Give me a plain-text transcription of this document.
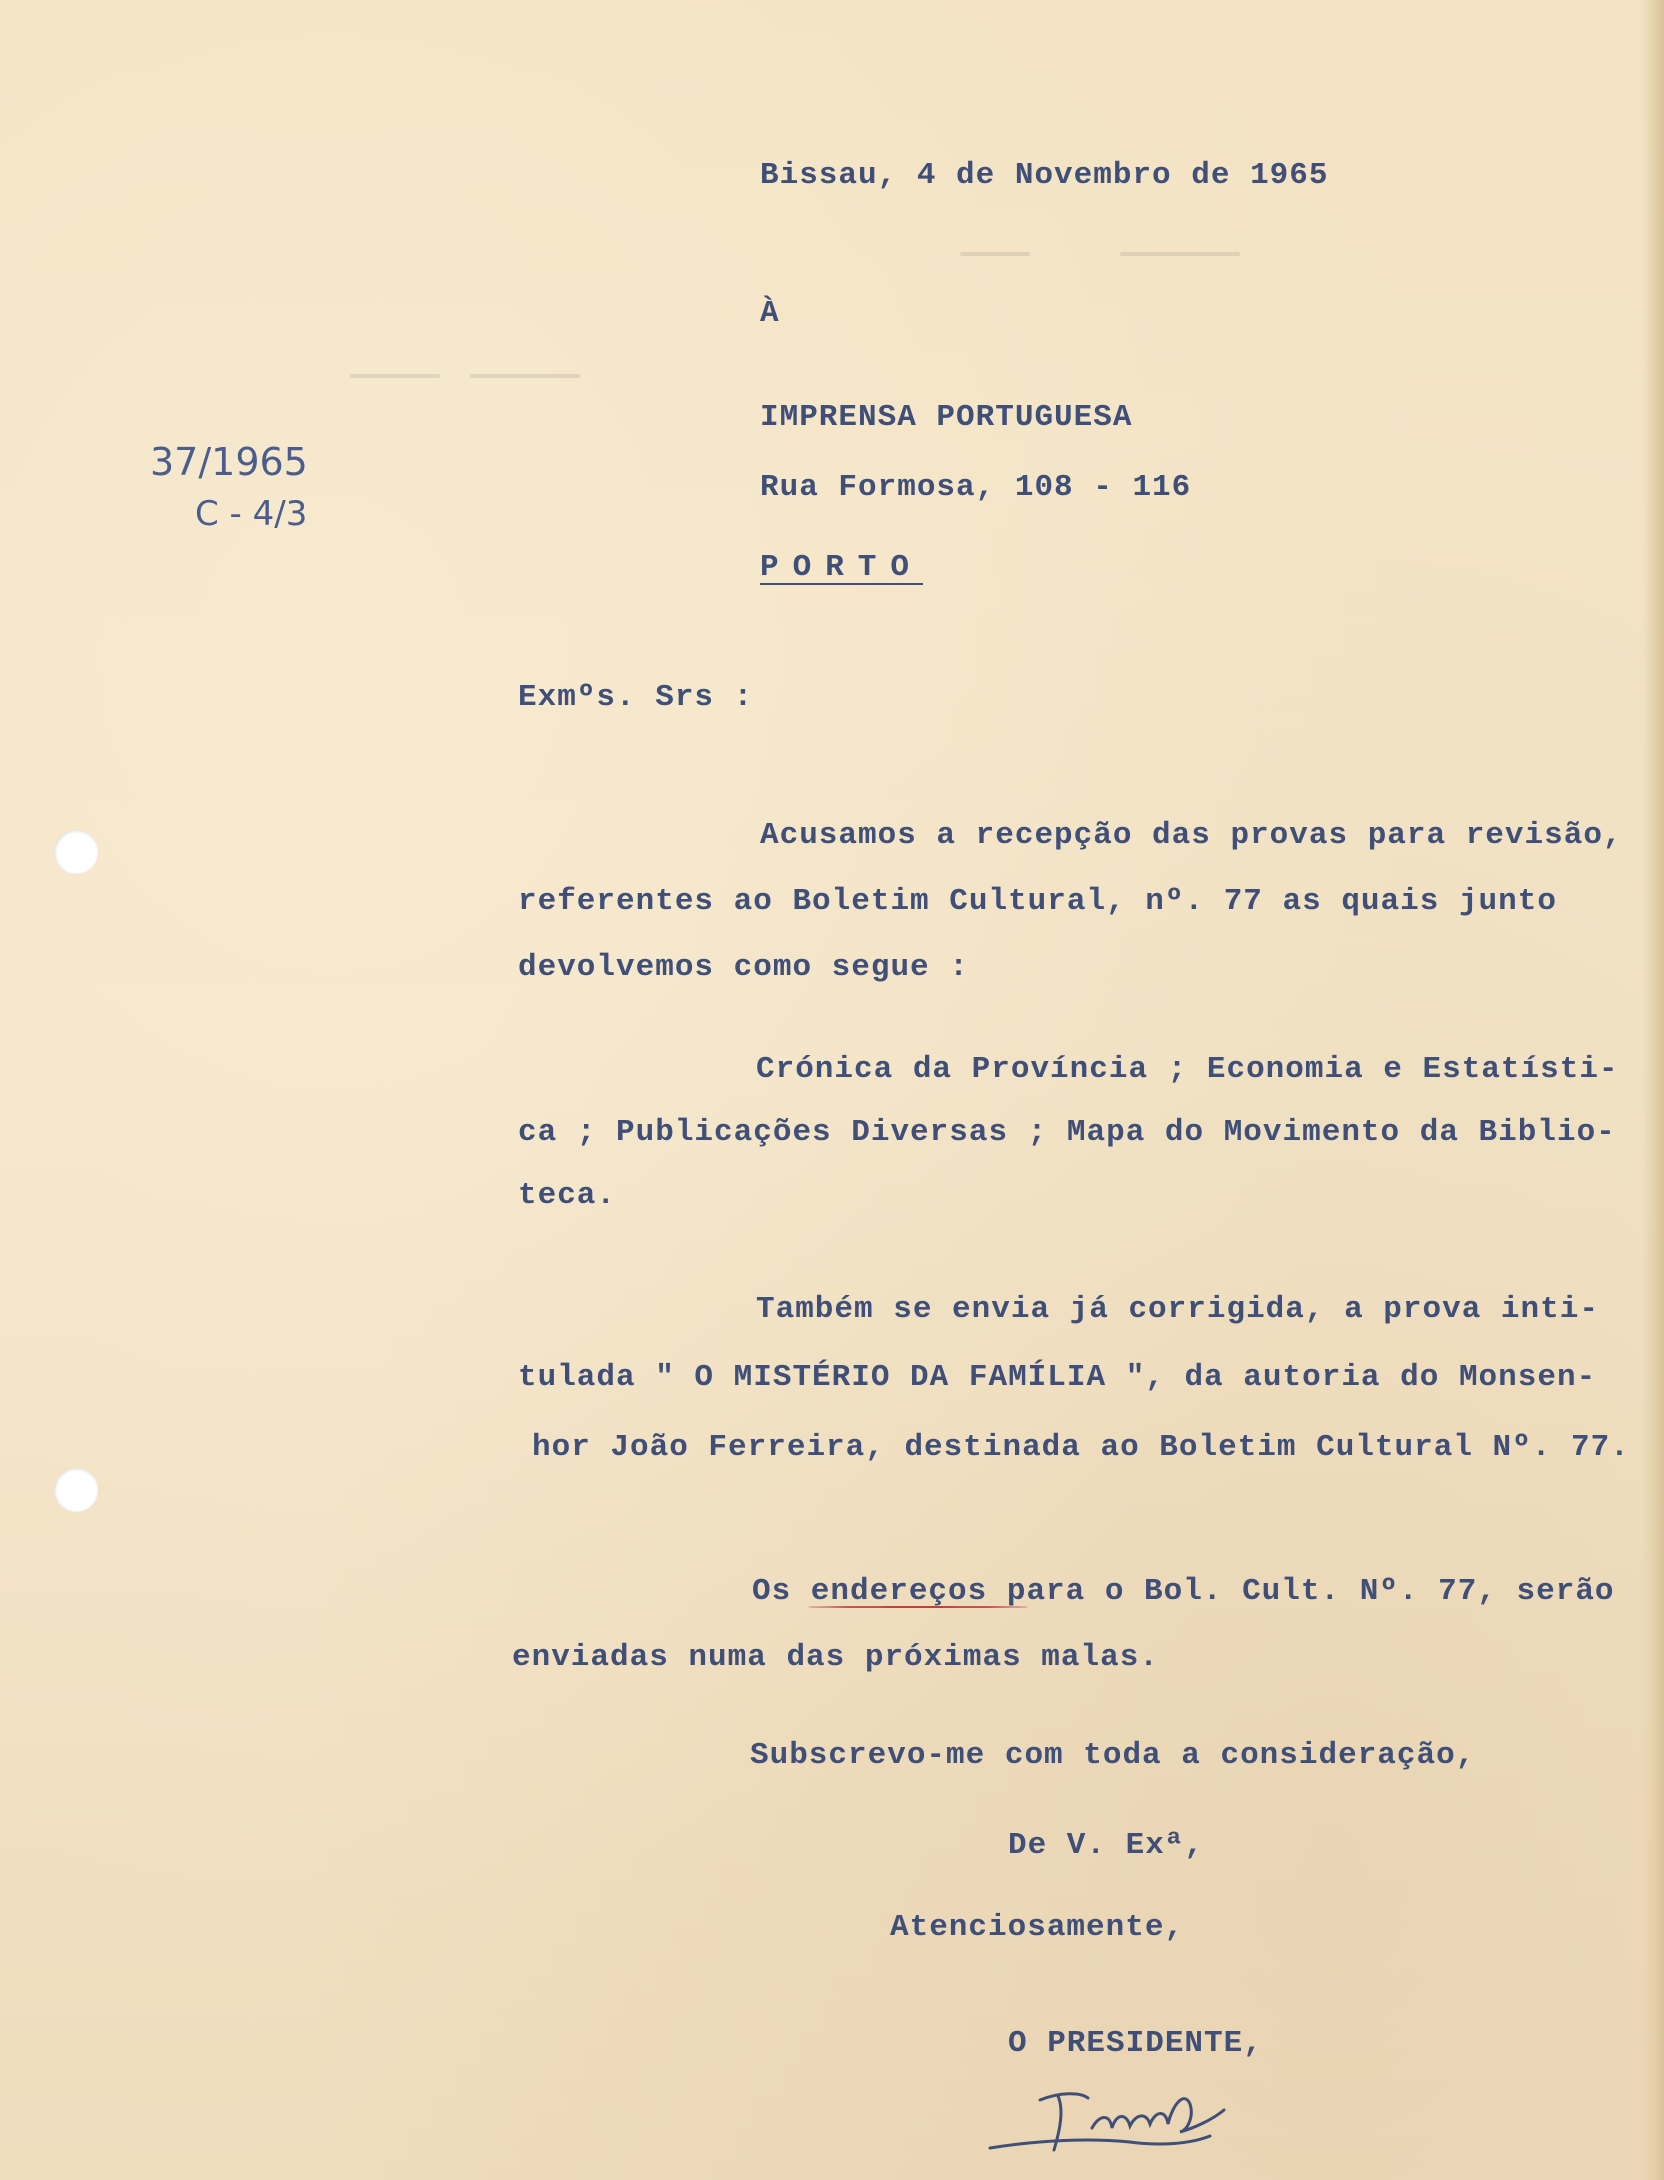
Bissau, 4 de Novembro de 1965
À
IMPRENSA PORTUGUESA
Rua Formosa, 108 - 116
PORTO
37/1965
C - 4/3
Exmºs. Srs :
Acusamos a recepção das provas para revisão,
referentes ao Boletim Cultural, nº. 77 as quais junto
devolvemos como segue :
Crónica da Província ; Economia e Estatísti-
ca ; Publicações Diversas ; Mapa do Movimento da Biblio-
teca.
Também se envia já corrigida, a prova inti-
tulada " O MISTÉRIO DA FAMÍLIA ", da autoria do Monsen-
hor João Ferreira, destinada ao Boletim Cultural Nº. 77.
Os endereços para o Bol. Cult. Nº. 77, serão
enviadas numa das próximas malas.
Subscrevo-me com toda a consideração,
De V. Exª,
Atenciosamente,
O PRESIDENTE,
